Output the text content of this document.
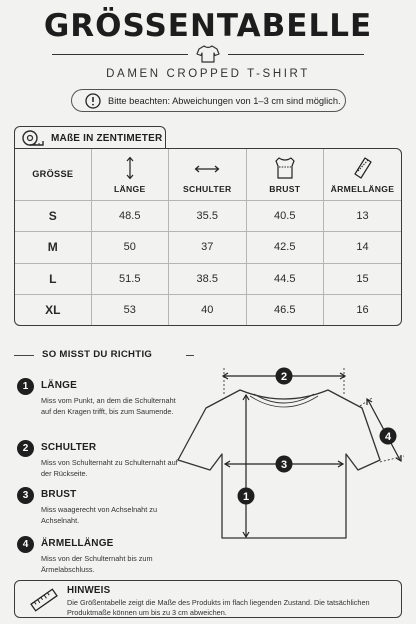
GRÖSSENTABELLE
DAMEN CROPPED T-SHIRT
Bitte beachten: Abweichungen von 1–3 cm sind möglich.
MAßE IN ZENTIMETER
GRÖSSE	LÄNGE	SCHULTER	BRUST	ÄRMELLÄNGE
S	48.5	35.5	40.5	13
M	50	37	42.5	14
L	51.5	38.5	44.5	15
XL	53	40	46.5	16
SO MISST DU RICHTIG
1	LÄNGE
Miss vom Punkt, an dem die Schulternaht auf den Kragen trifft, bis zum Saumende.
2	SCHULTER
Miss von Schulternaht zu Schulternaht auf der Rückseite.
3	BRUST
Miss waagerecht von Achselnaht zu Achselnaht.
4	ÄRMELLÄNGE
Miss von der Schulternaht bis zum Ärmelabschluss.
2
3
1
4
HINWEIS
Die Größentabelle zeigt die Maße des Produkts im flach liegenden Zustand. Die tatsächlichen Produktmaße können um bis zu 3 cm abweichen.
